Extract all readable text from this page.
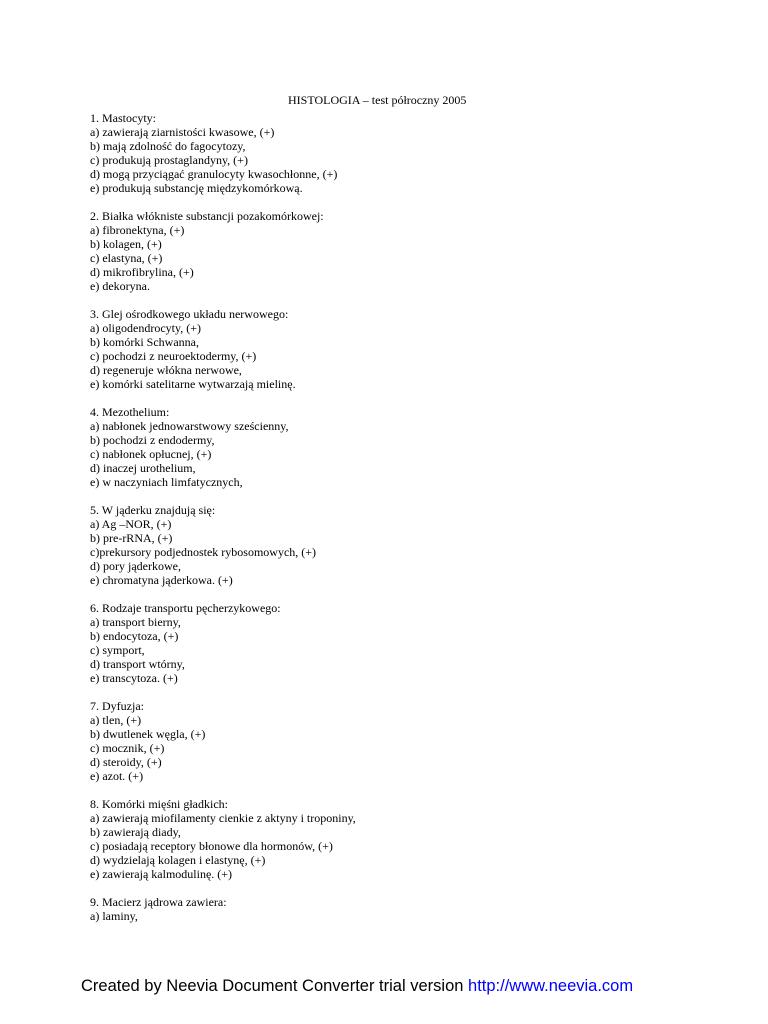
HISTOLOGIA – test półroczny 2005
1. Mastocyty:
a) zawierają ziarnistości kwasowe, (+)
b) mają zdolność do fagocytozy,
c) produkują prostaglandyny, (+)
d) mogą przyciągać granulocyty kwasochłonne, (+)
e) produkują substancję międzykomórkową.
2. Białka włókniste substancji pozakomórkowej:
a) fibronektyna, (+)
b) kolagen, (+)
c) elastyna, (+)
d) mikrofibrylina, (+)
e) dekoryna.
3. Glej ośrodkowego układu nerwowego:
a) oligodendrocyty, (+)
b) komórki Schwanna,
c) pochodzi z neuroektodermy, (+)
d) regeneruje włókna nerwowe,
e) komórki satelitarne wytwarzają mielinę.
4. Mezothelium:
a) nabłonek jednowarstwowy sześcienny,
b) pochodzi z endodermy,
c) nabłonek opłucnej, (+)
d) inaczej urothelium,
e) w naczyniach limfatycznych,
5. W jąderku znajdują się:
a) Ag –NOR, (+)
b) pre-rRNA, (+)
c)prekursory podjednostek rybosomowych, (+)
d) pory jąderkowe,
e) chromatyna jąderkowa. (+)
6. Rodzaje transportu pęcherzykowego:
a) transport bierny,
b) endocytoza, (+)
c) symport,
d) transport wtórny,
e) transcytoza. (+)
7. Dyfuzja:
a) tlen, (+)
b) dwutlenek węgla, (+)
c) mocznik, (+)
d) steroidy, (+)
e) azot. (+)
8. Komórki mięśni gładkich:
a) zawierają miofilamenty cienkie z aktyny i troponiny,
b) zawierają diady,
c) posiadają receptory błonowe dla hormonów, (+)
d) wydzielają kolagen i elastynę, (+)
e) zawierają kalmodulinę. (+)
9. Macierz jądrowa zawiera:
a) laminy,
Created by Neevia Document Converter trial version http://www.neevia.com
